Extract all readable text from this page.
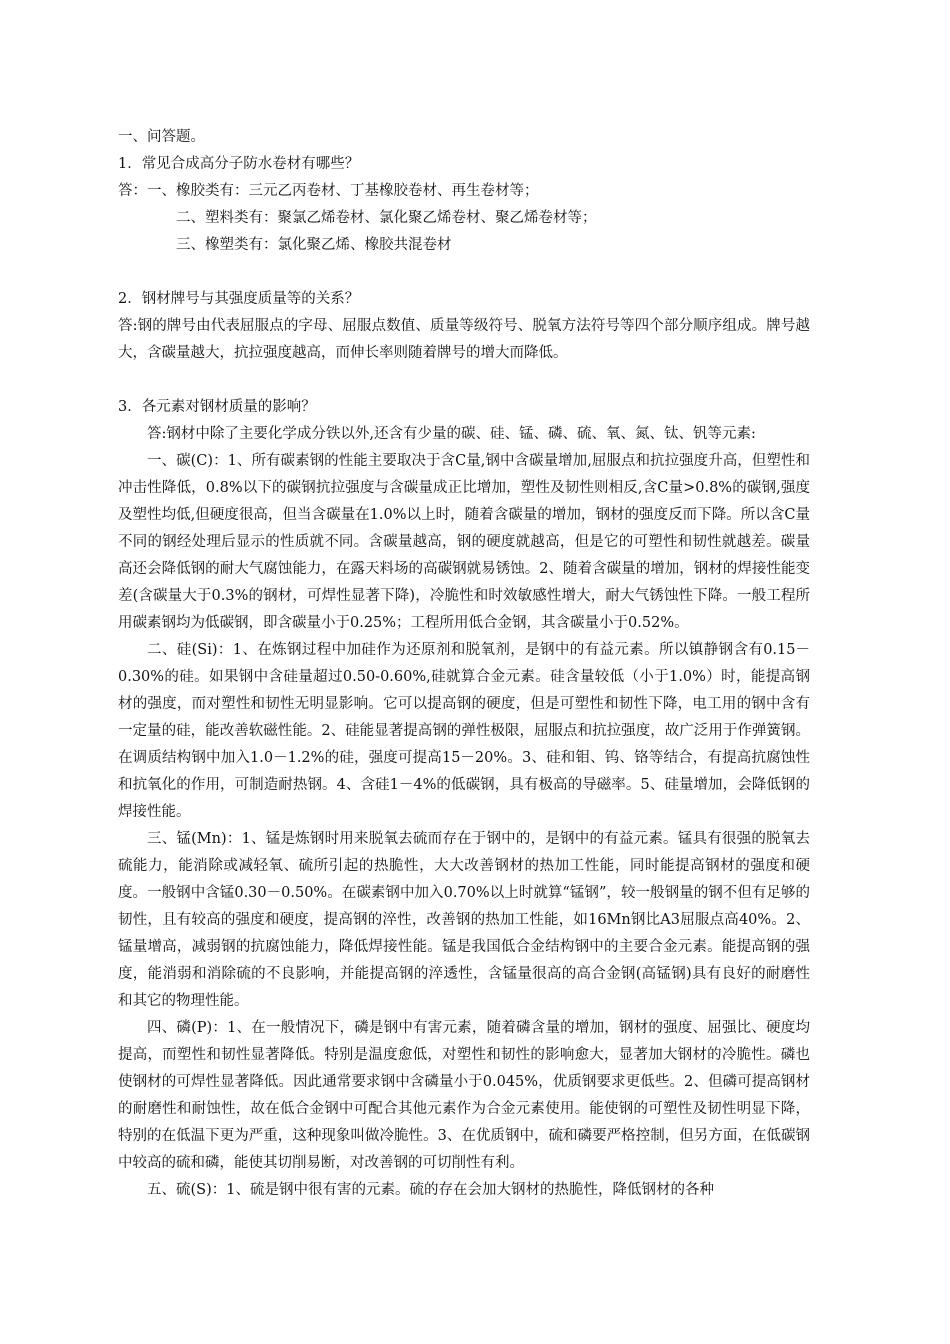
一、问答题。

1．常见合成高分子防水卷材有哪些？

答：一、橡胶类有：三元乙丙卷材、丁基橡胶卷材、再生卷材等；

二、塑料类有：聚氯乙烯卷材、氯化聚乙烯卷材、聚乙烯卷材等；

三、橡塑类有：氯化聚乙烯、橡胶共混卷材

2．钢材牌号与其强度质量等的关系？

答:钢的牌号由代表屈服点的字母、屈服点数值、质量等级符号、脱氧方法符号等四个部分顺序组成。牌号越大，含碳量越大，抗拉强度越高，而伸长率则随着牌号的增大而降低。

3．各元素对钢材质量的影响？

答:钢材中除了主要化学成分铁以外,还含有少量的碳、硅、锰、磷、硫、氧、氮、钛、钒等元素:

一、碳(C)：1、所有碳素钢的性能主要取决于含C量,钢中含碳量增加,屈服点和抗拉强度升高，但塑性和冲击性降低，0.8%以下的碳钢抗拉强度与含碳量成正比增加，塑性及韧性则相反,含C量>0.8%的碳钢,强度及塑性均低,但硬度很高，但当含碳量在1.0%以上时，随着含碳量的增加，钢材的强度反而下降。所以含C量不同的钢经处理后显示的性质就不同。含碳量越高，钢的硬度就越高，但是它的可塑性和韧性就越差。碳量高还会降低钢的耐大气腐蚀能力，在露天料场的高碳钢就易锈蚀。2、随着含碳量的增加，钢材的焊接性能变差(含碳量大于0.3%的钢材，可焊性显著下降)，冷脆性和时效敏感性增大，耐大气锈蚀性下降。一般工程所用碳素钢均为低碳钢，即含碳量小于0.25%；工程所用低合金钢，其含碳量小于0.52%。

二、硅(Si)：1、在炼钢过程中加硅作为还原剂和脱氧剂，是钢中的有益元素。所以镇静钢含有0.15－0.30%的硅。如果钢中含硅量超过0.50-0.60%,硅就算合金元素。硅含量较低（小于1.0%）时，能提高钢材的强度，而对塑性和韧性无明显影响。它可以提高钢的硬度，但是可塑性和韧性下降，电工用的钢中含有一定量的硅，能改善软磁性能。2、硅能显著提高钢的弹性极限，屈服点和抗拉强度，故广泛用于作弹簧钢。在调质结构钢中加入1.0－1.2%的硅，强度可提高15－20%。3、硅和钼、钨、铬等结合，有提高抗腐蚀性和抗氧化的作用，可制造耐热钢。4、含硅1－4%的低碳钢，具有极高的导磁率。5、硅量增加，会降低钢的焊接性能。

三、锰(Mn)：1、锰是炼钢时用来脱氧去硫而存在于钢中的，是钢中的有益元素。锰具有很强的脱氧去硫能力，能消除或减轻氧、硫所引起的热脆性，大大改善钢材的热加工性能，同时能提高钢材的强度和硬度。一般钢中含锰0.30－0.50%。在碳素钢中加入0.70%以上时就算“锰钢”，较一般钢量的钢不但有足够的韧性，且有较高的强度和硬度，提高钢的淬性，改善钢的热加工性能，如16Mn钢比A3屈服点高40%。2、锰量增高，减弱钢的抗腐蚀能力，降低焊接性能。锰是我国低合金结构钢中的主要合金元素。能提高钢的强度，能消弱和消除硫的不良影响，并能提高钢的淬透性，含锰量很高的高合金钢(高锰钢)具有良好的耐磨性和其它的物理性能。

四、磷(P)：1、在一般情况下，磷是钢中有害元素，随着磷含量的增加，钢材的强度、屈强比、硬度均提高，而塑性和韧性显著降低。特别是温度愈低，对塑性和韧性的影响愈大，显著加大钢材的冷脆性。磷也使钢材的可焊性显著降低。因此通常要求钢中含磷量小于0.045%，优质钢要求更低些。2、但磷可提高钢材的耐磨性和耐蚀性，故在低合金钢中可配合其他元素作为合金元素使用。能使钢的可塑性及韧性明显下降，特别的在低温下更为严重，这种现象叫做冷脆性。3、在优质钢中，硫和磷要严格控制，但另方面，在低碳钢中较高的硫和磷，能使其切削易断，对改善钢的可切削性有利。

五、硫(S)：1、硫是钢中很有害的元素。硫的存在会加大钢材的热脆性，降低钢材的各种
